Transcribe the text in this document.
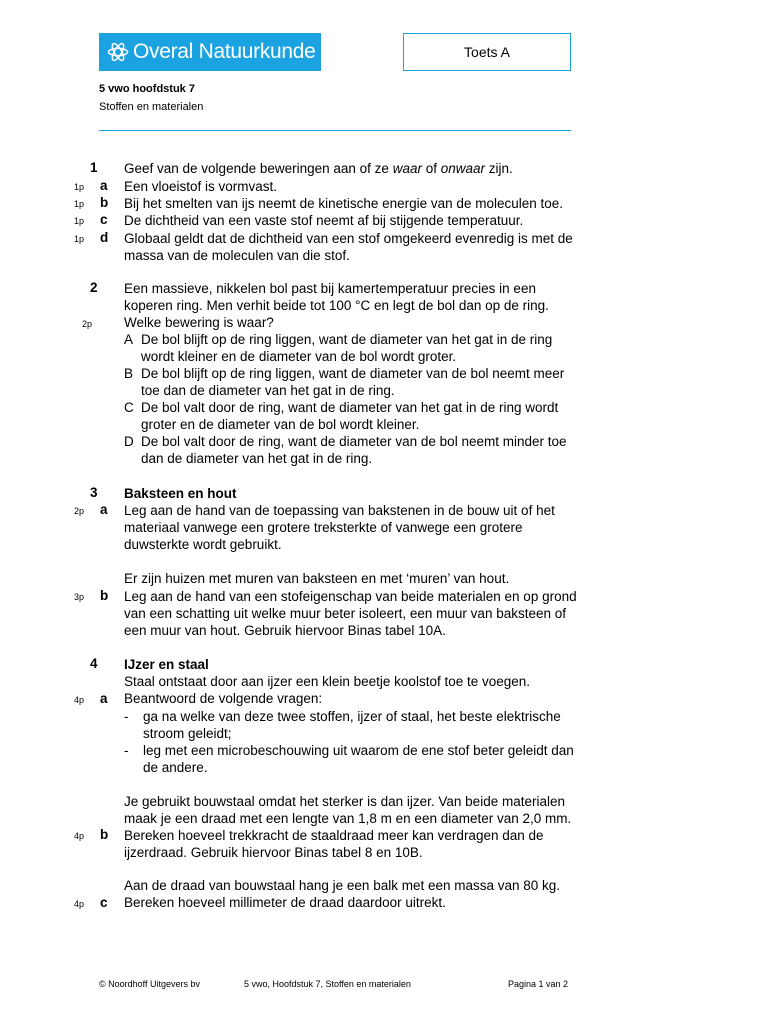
Overal Natuurkunde	Toets A
5 vwo hoofdstuk 7
Stoffen en materialen
1 Geef van de volgende beweringen aan of ze waar of onwaar zijn.
1p a Een vloeistof is vormvast.
1p b Bij het smelten van ijs neemt de kinetische energie van de moleculen toe.
1p c De dichtheid van een vaste stof neemt af bij stijgende temperatuur.
1p d Globaal geldt dat de dichtheid van een stof omgekeerd evenredig is met de
massa van de moleculen van die stof.
2 Een massieve, nikkelen bol past bij kamertemperatuur precies in een
koperen ring. Men verhit beide tot 100 °C en legt de bol dan op de ring.
2p Welke bewering is waar?
A De bol blijft op de ring liggen, want de diameter van het gat in de ring
wordt kleiner en de diameter van de bol wordt groter.
B De bol blijft op de ring liggen, want de diameter van de bol neemt meer
toe dan de diameter van het gat in de ring.
C De bol valt door de ring, want de diameter van het gat in de ring wordt
groter en de diameter van de bol wordt kleiner.
D De bol valt door de ring, want de diameter van de bol neemt minder toe
dan de diameter van het gat in de ring.
3 Baksteen en hout
2p a Leg aan de hand van de toepassing van bakstenen in de bouw uit of het
materiaal vanwege een grotere treksterkte of vanwege een grotere
duwsterkte wordt gebruikt.
Er zijn huizen met muren van baksteen en met ‘muren’ van hout.
3p b Leg aan de hand van een stofeigenschap van beide materialen en op grond
van een schatting uit welke muur beter isoleert, een muur van baksteen of
een muur van hout. Gebruik hiervoor Binas tabel 10A.
4 IJzer en staal
Staal ontstaat door aan ijzer een klein beetje koolstof toe te voegen.
4p a Beantwoord de volgende vragen:
- ga na welke van deze twee stoffen, ijzer of staal, het beste elektrische
stroom geleidt;
- leg met een microbeschouwing uit waarom de ene stof beter geleidt dan
de andere.
Je gebruikt bouwstaal omdat het sterker is dan ijzer. Van beide materialen
maak je een draad met een lengte van 1,8 m en een diameter van 2,0 mm.
4p b Bereken hoeveel trekkracht de staaldraad meer kan verdragen dan de
ijzerdraad. Gebruik hiervoor Binas tabel 8 en 10B.
Aan de draad van bouwstaal hang je een balk met een massa van 80 kg.
4p c Bereken hoeveel millimeter de draad daardoor uitrekt.
© Noordhoff Uitgevers bv	5 vwo, Hoofdstuk 7, Stoffen en materialen	Pagina 1 van 2
